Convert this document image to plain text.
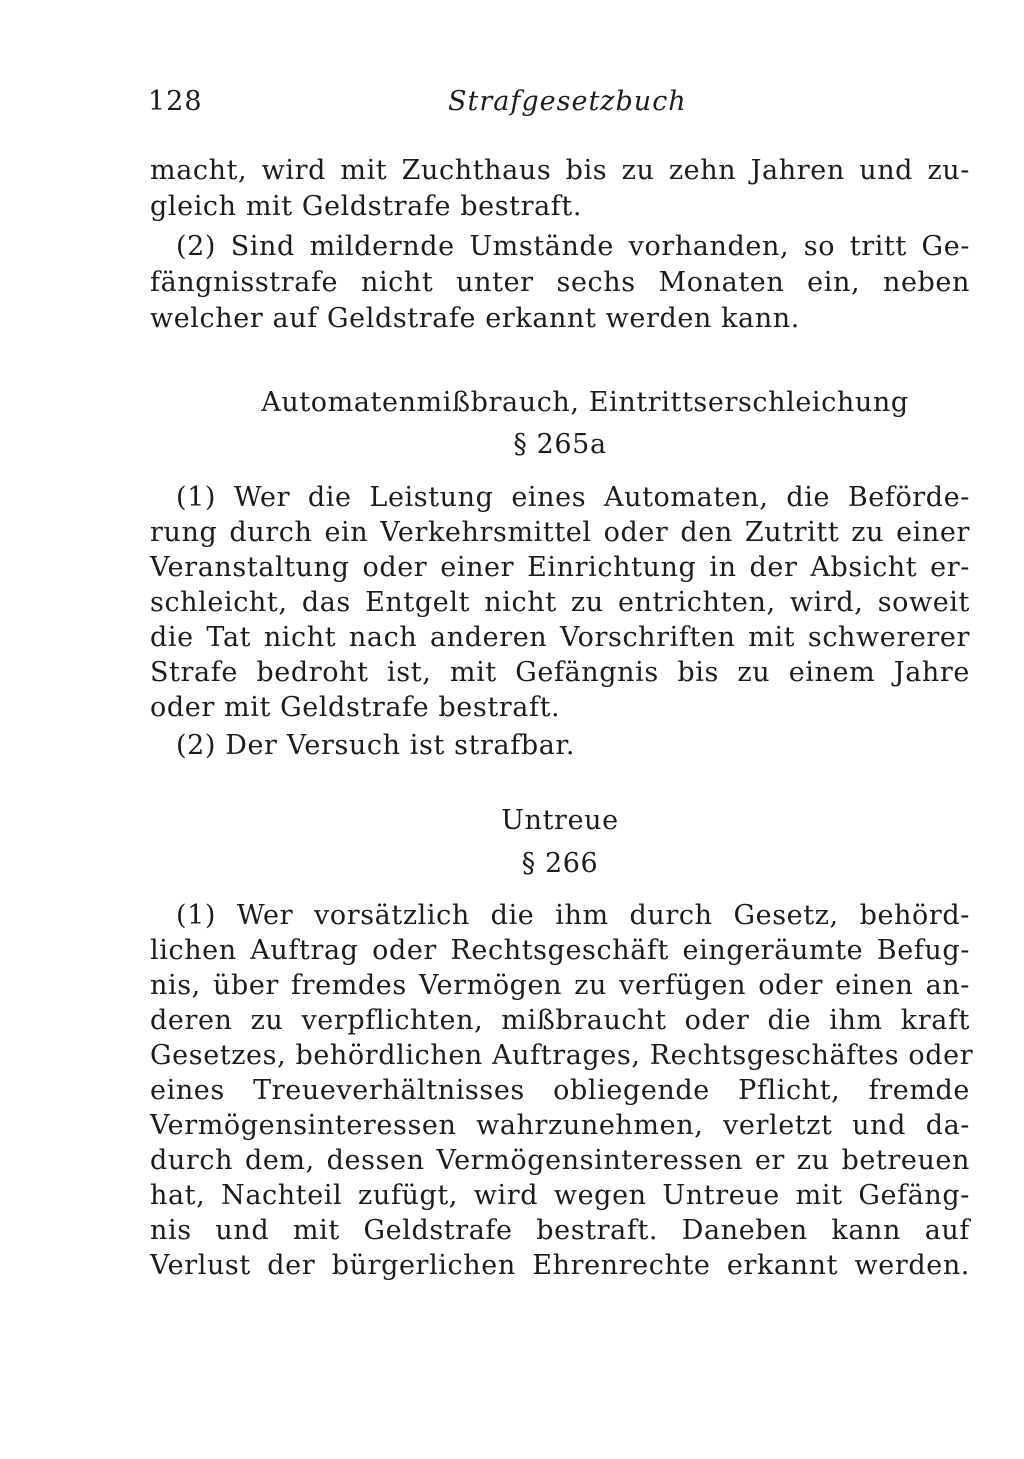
128	Strafgesetzbuch
macht, wird mit Zuchthaus bis zu zehn Jahren und zu-
gleich mit Geldstrafe bestraft.
(2) Sind mildernde Umstände vorhanden, so tritt Ge-
fängnisstrafe nicht unter sechs Monaten ein, neben
welcher auf Geldstrafe erkannt werden kann.
Automatenmißbrauch, Eintrittserschleichung
§ 265a
(1) Wer die Leistung eines Automaten, die Beförde-
rung durch ein Verkehrsmittel oder den Zutritt zu einer
Veranstaltung oder einer Einrichtung in der Absicht er-
schleicht, das Entgelt nicht zu entrichten, wird, soweit
die Tat nicht nach anderen Vorschriften mit schwererer
Strafe bedroht ist, mit Gefängnis bis zu einem Jahre
oder mit Geldstrafe bestraft.
(2) Der Versuch ist strafbar.
Untreue
§ 266
(1) Wer vorsätzlich die ihm durch Gesetz, behörd-
lichen Auftrag oder Rechtsgeschäft eingeräumte Befug-
nis, über fremdes Vermögen zu verfügen oder einen an-
deren zu verpflichten, mißbraucht oder die ihm kraft
Gesetzes, behördlichen Auftrages, Rechtsgeschäftes oder
eines Treueverhältnisses obliegende Pflicht, fremde
Vermögensinteressen wahrzunehmen, verletzt und da-
durch dem, dessen Vermögensinteressen er zu betreuen
hat, Nachteil zufügt, wird wegen Untreue mit Gefäng-
nis und mit Geldstrafe bestraft. Daneben kann auf
Verlust der bürgerlichen Ehrenrechte erkannt werden.
